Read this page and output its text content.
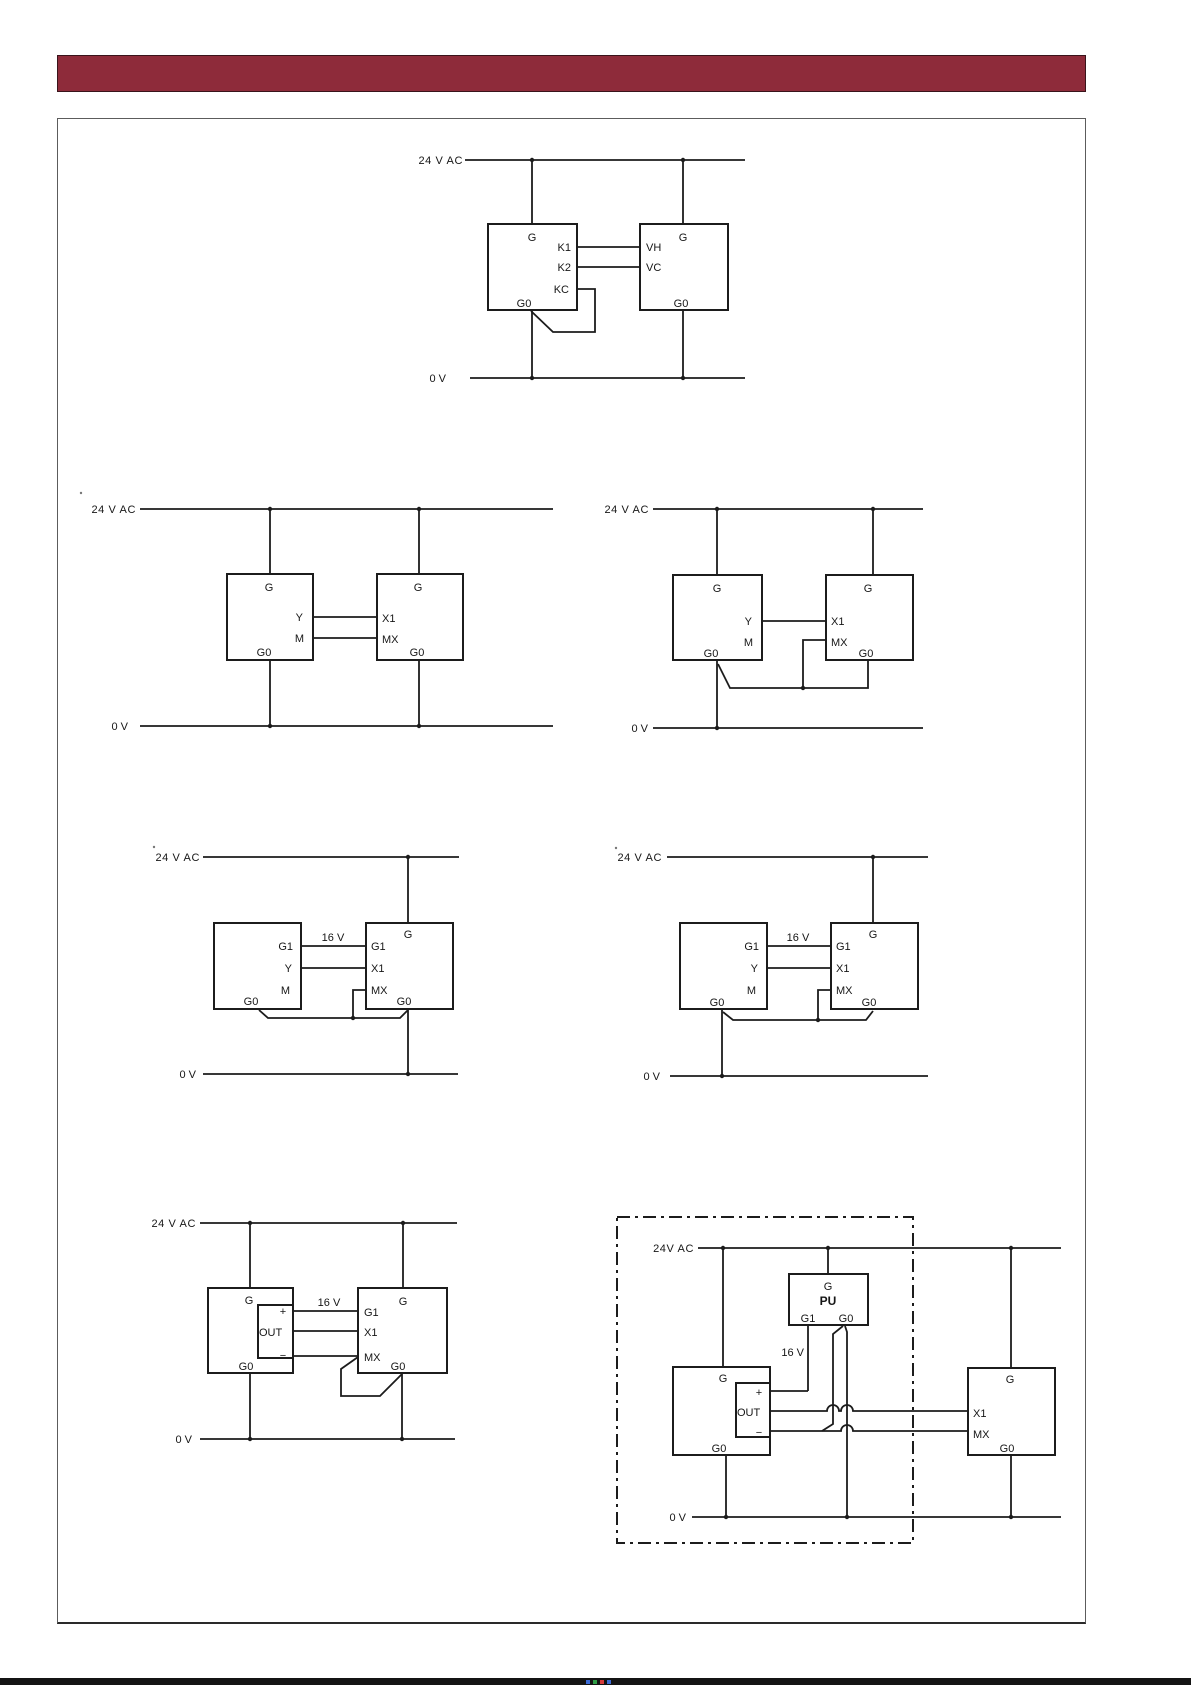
24 V AC
0 V
G
K1
K2
KC
G0
VH
VC
G
G0
24 V AC
0 V
G
Y
M
G0
G
X1
MX
G0
24 V AC
0 V
G
Y
M
G0
G
X1
MX
G0
24 V AC
0 V
16 V
G1
Y
M
G0
G
G1
X1
MX
G0
24 V AC
0 V
16 V
G1
Y
M
G0
G
G1
X1
MX
G0
24 V AC
0 V
16 V
G
+
OUT
−
G0
G
G1
X1
MX
G0
24V AC
0 V
16 V
G
+
OUT
−
G0
G
PU
G1 G0
G
X1
MX
G0
